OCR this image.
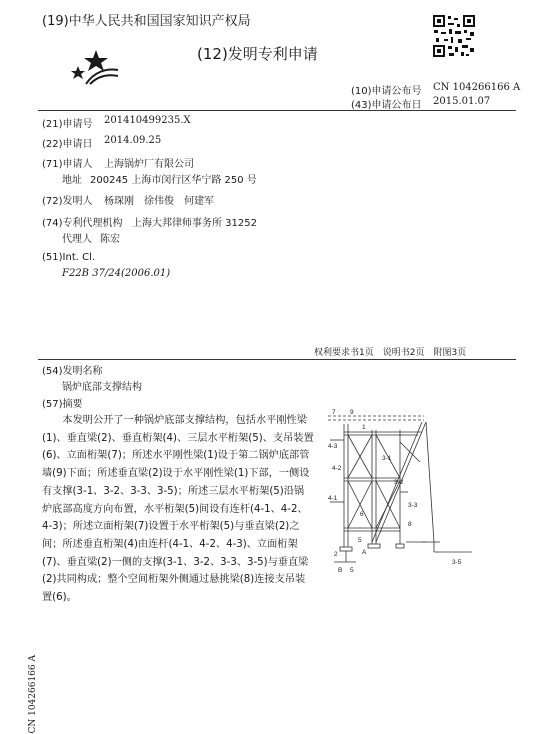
(19)中华人民共和国国家知识产权局
(12)发明专利申请
(10)申请公布号 CN 104266166 A
(43)申请公布日 2015.01.07
(21)申请号 201410499235.X
(22)申请日 2014.09.25
(71)申请人 上海锅炉厂有限公司
地址 200245 上海市闵行区华宁路 250 号
(72)发明人 杨琛刚　徐伟俊　何建军
(74)专利代理机构 上海大邦律师事务所 31252
代理人 陈宏
(51)Int. Cl.
F22B 37/24(2006.01)
权利要求书1页　说明书2页　附图3页
(54)发明名称
锅炉底部支撑结构
(57)摘要

本发明公开了一种锅炉底部支撑结构，包括水平刚性梁(1)、垂直梁(2)、垂直桁架(4)、三层水平桁架(5)、支吊装置(6)、立面桁架(7)；所述水平刚性梁(1)设于第二锅炉底部管墙(9)下面；所述垂直梁(2)设于水平刚性梁(1)下部，一侧设有支撑(3-1、3-2、3-3、3-5)；所述三层水平桁架(5)沿锅炉底部高度方向布置，水平桁架(5)间设有连杆(4-1、4-2、4-3)；所述立面桁架(7)设置于水平桁架(5)与垂直梁(2)之间；所述垂直桁架(4)由连杆(4-1、4-2、4-3)、立面桁架(7)、垂直梁(2)一侧的支撑(3-1、3-2、3-3、3-5)与垂直梁(2)共同构成；整个空间桁架外侧通过悬挑梁(8)连接支吊装置(6)。

7 9
1
4-3
3-1
4-2
3-2
4-1
3-3
6
8
5
A
2
3-5
B 5
CN 104266166 A
